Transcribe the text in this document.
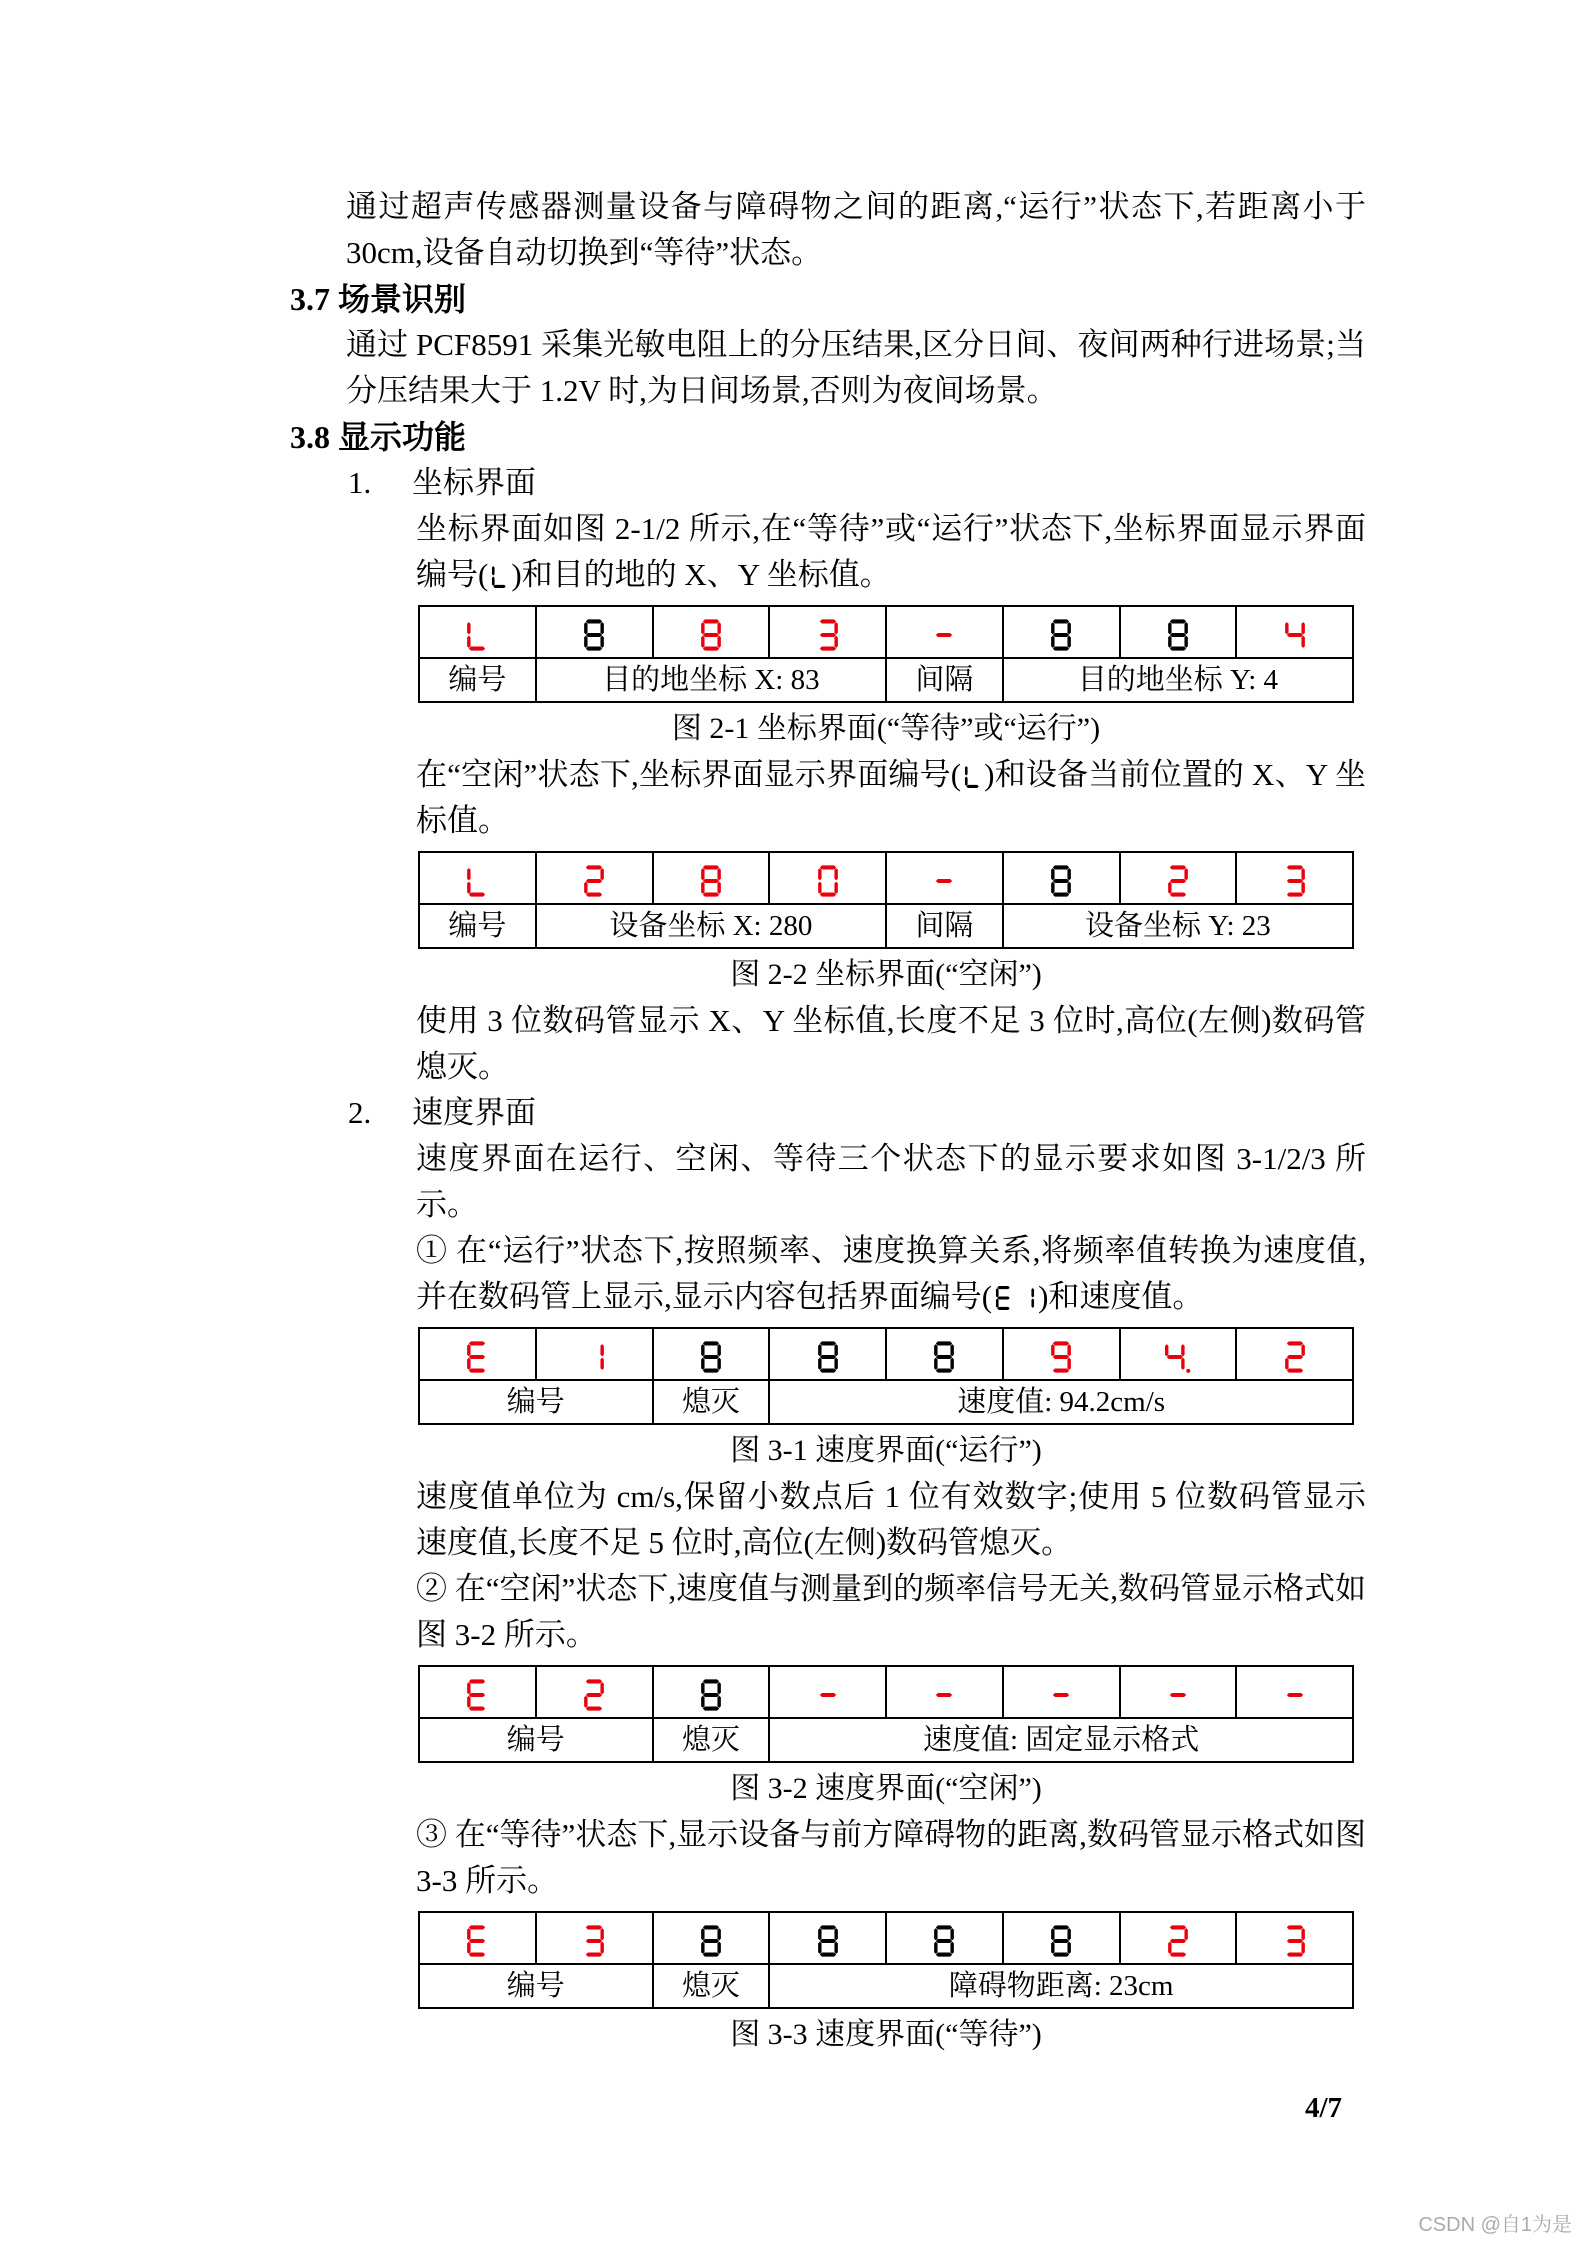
通过超声传感器测量设备与障碍物之间的距离,“运行”状态下,若距离小于30cm,设备自动切换到“等待”状态。

3.7 场景识别

通过 PCF8591 采集光敏电阻上的分压结果,区分日间、夜间两种行进场景;当分压结果大于 1.2V 时,为日间场景,否则为夜间场景。

3.8 显示功能

1. 坐标界面

坐标界面如图 2-1/2 所示,在“等待”或“运行”状态下,坐标界面显示界面编号( )和目的地的 X、Y 坐标值。

编号	目的地坐标 X: 83			间隔	目的地坐标 Y: 4		
图 2-1 坐标界面(“等待”或“运行”)

在“空闲”状态下,坐标界面显示界面编号( )和设备当前位置的 X、Y 坐标值。

编号	设备坐标 X: 280			间隔	设备坐标 Y: 23		
图 2-2 坐标界面(“空闲”)

使用 3 位数码管显示 X、Y 坐标值,长度不足 3 位时,高位(左侧)数码管熄灭。

2. 速度界面

速度界面在运行、空闲、等待三个状态下的显示要求如图 3-1/2/3 所示。

① 在“运行”状态下,按照频率、速度换算关系,将频率值转换为速度值,并在数码管上显示,显示内容包括界面编号( )和速度值。

编号		熄灭	速度值: 94.2cm/s				
图 3-1 速度界面(“运行”)

速度值单位为 cm/s,保留小数点后 1 位有效数字;使用 5 位数码管显示速度值,长度不足 5 位时,高位(左侧)数码管熄灭。

② 在“空闲”状态下,速度值与测量到的频率信号无关,数码管显示格式如图 3-2 所示。

编号		熄灭	速度值: 固定显示格式				
图 3-2 速度界面(“空闲”)

③ 在“等待”状态下,显示设备与前方障碍物的距离,数码管显示格式如图 3-3 所示。

编号		熄灭	障碍物距离: 23cm				
图 3-3 速度界面(“等待”)
4/7
CSDN @自1为是
